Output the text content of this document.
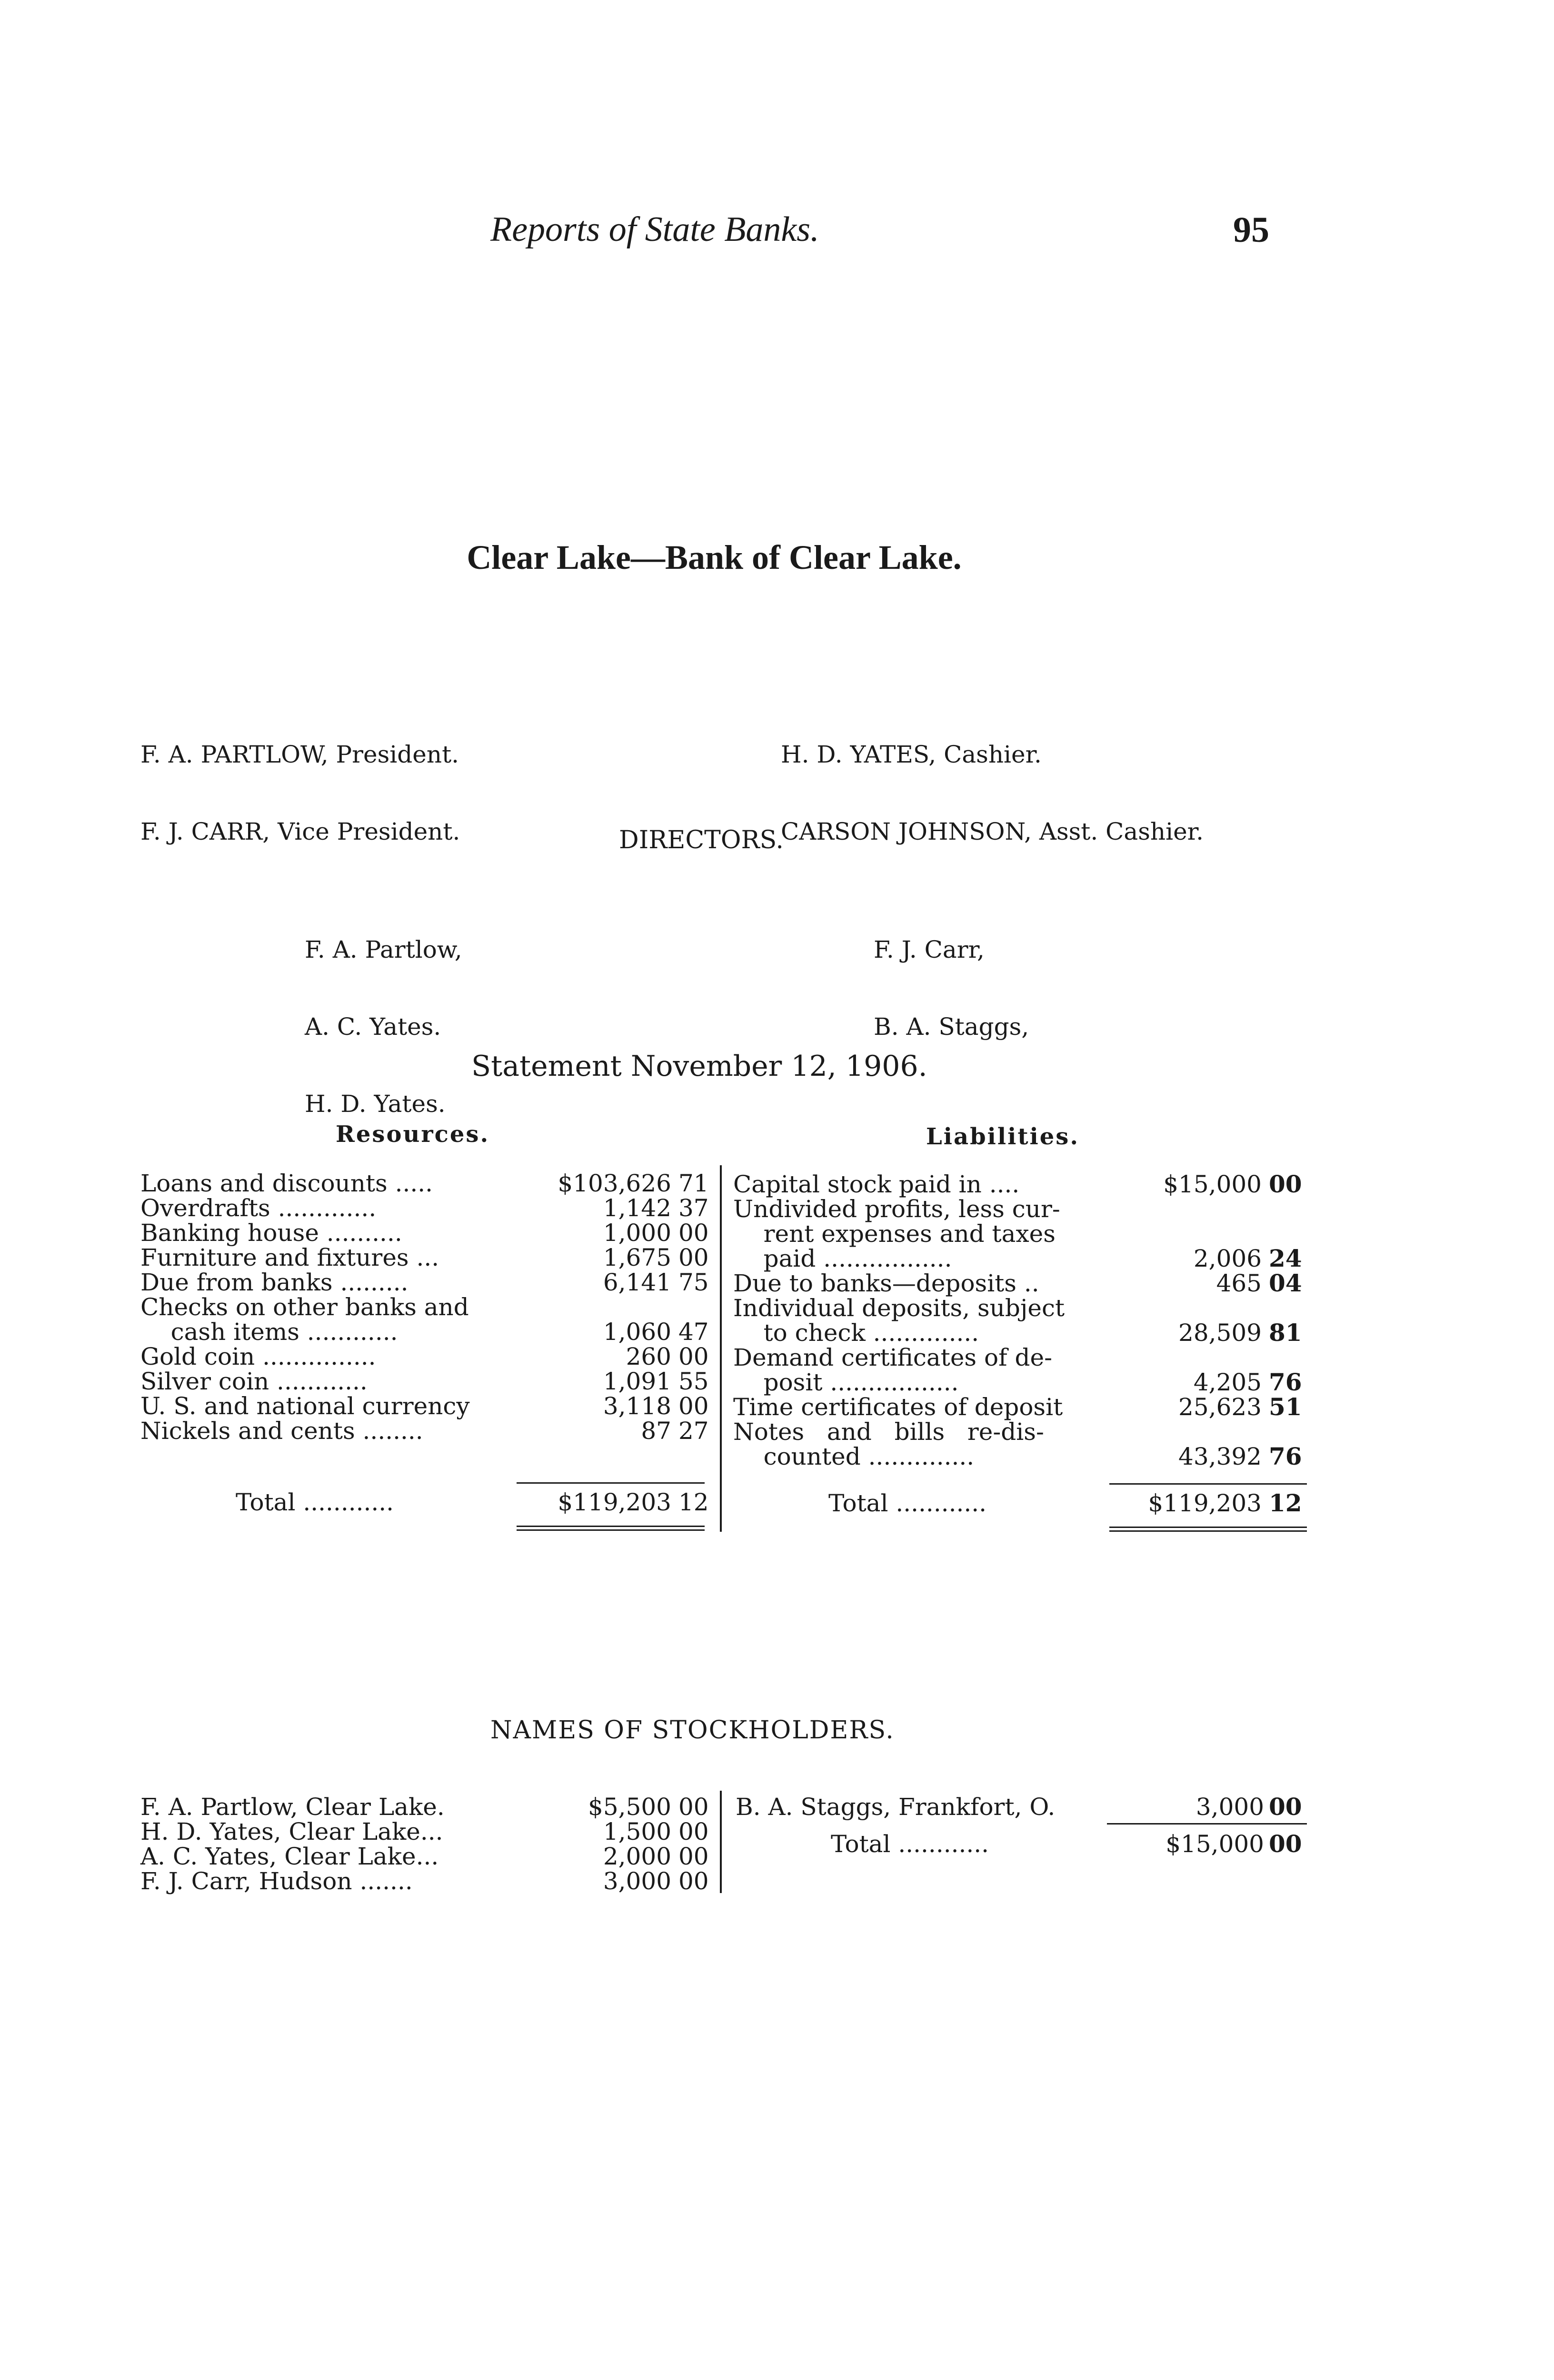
Reports of State Banks.	95
Clear Lake—Bank of Clear Lake.

F. A. PARTLOW, President.

F. J. CARR, Vice President.

H. D. YATES, Cashier.

CARSON JOHNSON, Asst. Cashier.

DIRECTORS.

F. A. Partlow,

A. C. Yates.

H. D. Yates.

F. J. Carr,

B. A. Staggs,

Statement November 12, 1906.
Resources.	Liabilities.
Loans and discounts .....	$103,626 71
Overdrafts .............	1,142 37
Banking house ..........	1,000 00
Furniture and fixtures ...	1,675 00
Due from banks .........	6,141 75
Checks on other banks and
cash items ............	1,060 47
Gold coin ...............	260 00
Silver coin ............	1,091 55
U. S. and national currency	3,118 00
Nickels and cents ........	87 27
Total ............	$119,203 12
Capital stock paid in ....	$15,000 00
Undivided profits, less cur-
rent expenses and taxes
paid .................	2,006 24
Due to banks—deposits ..	465 04
Individual deposits, subject
to check ..............	28,509 81
Demand certificates of de-
posit .................	4,205 76
Time certificates of deposit	25,623 51
Notes   and   bills   re-dis-
counted ..............	43,392 76
Total ............	$119,203 12
NAMES OF STOCKHOLDERS.
F. A. Partlow, Clear Lake.	$5,500 00
H. D. Yates, Clear Lake...	1,500 00
A. C. Yates, Clear Lake...	2,000 00
F. J. Carr, Hudson .......	3,000 00
B. A. Staggs, Frankfort, O.	3,000 00
Total ............	$15,000 00
